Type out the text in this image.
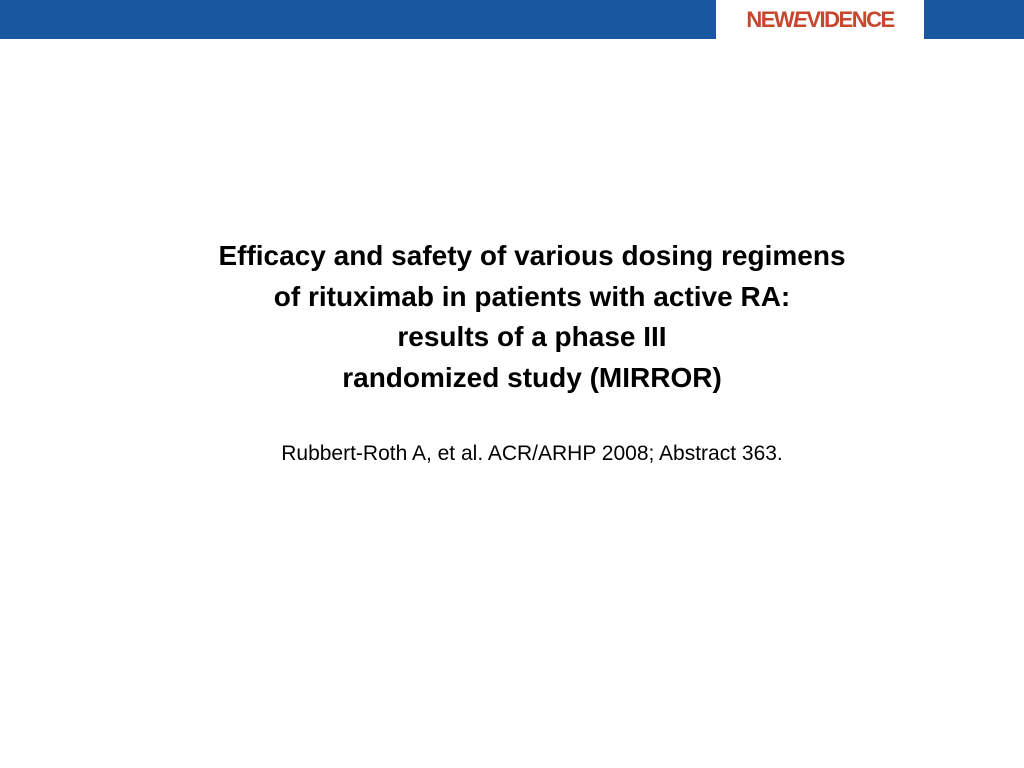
NEWEVIDENCE
Efficacy and safety of various dosing regimens
of rituximab in patients with active RA:
results of a phase III
randomized study (MIRROR)
Rubbert-Roth A, et al. ACR/ARHP 2008; Abstract 363.
